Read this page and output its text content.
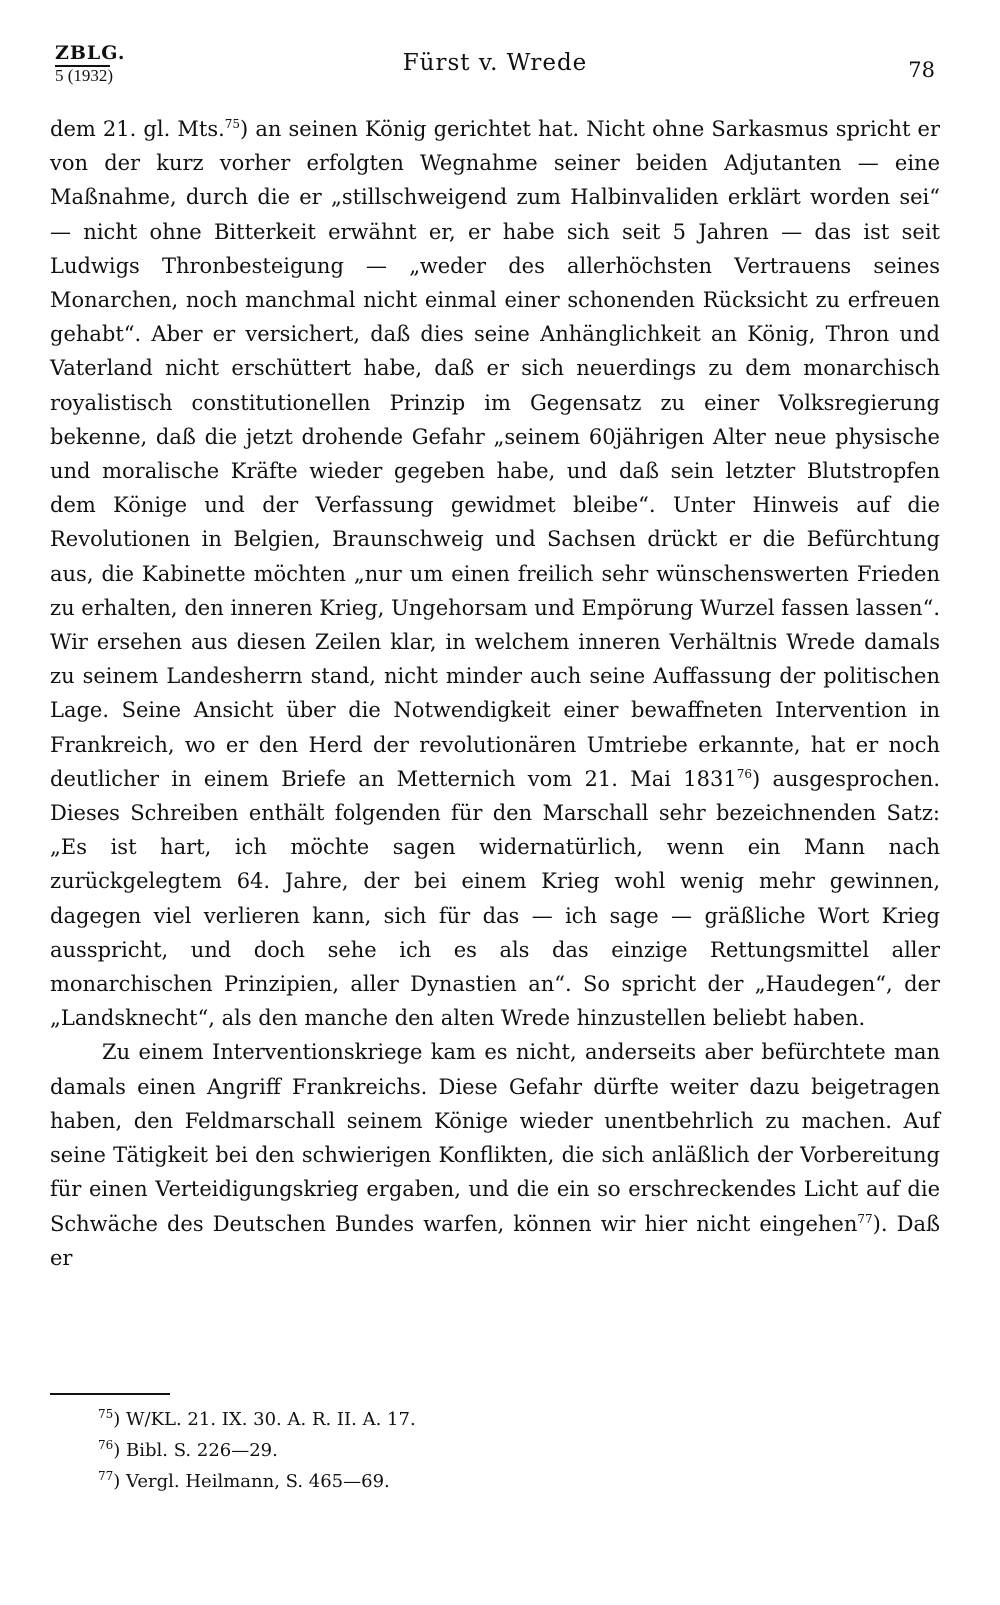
ZBLG.
5 (1932)	Fürst v. Wrede	78

dem 21. gl. Mts.$^{75}$) an seinen König gerichtet hat. Nicht ohne Sarkasmus spricht er von der kurz vorher erfolgten Wegnahme seiner beiden Adjutanten — eine Maßnahme, durch die er „stillschweigend zum Halbinvaliden erklärt worden sei“ — nicht ohne Bitterkeit erwähnt er, er habe sich seit 5 Jahren — das ist seit Ludwigs Thronbesteigung — „weder des allerhöchsten Vertrauens seines Monarchen, noch manchmal nicht einmal einer schonenden Rücksicht zu erfreuen gehabt“. Aber er versichert, daß dies seine Anhänglichkeit an König, Thron und Vaterland nicht erschüttert habe, daß er sich neuerdings zu dem monarchisch royalistisch constitutionellen Prinzip im Gegensatz zu einer Volksregierung bekenne, daß die jetzt drohende Gefahr „seinem 60jährigen Alter neue physische und moralische Kräfte wieder gegeben habe, und daß sein letzter Blutstropfen dem Könige und der Verfassung gewidmet bleibe“. Unter Hinweis auf die Revolutionen in Belgien, Braunschweig und Sachsen drückt er die Befürchtung aus, die Kabinette möchten „nur um einen freilich sehr wünschenswerten Frieden zu erhalten, den inneren Krieg, Ungehorsam und Empörung Wurzel fassen lassen“. Wir ersehen aus diesen Zeilen klar, in welchem inneren Verhältnis Wrede damals zu seinem Landesherrn stand, nicht minder auch seine Auffassung der politischen Lage. Seine Ansicht über die Notwendigkeit einer bewaffneten Intervention in Frankreich, wo er den Herd der revolutionären Umtriebe erkannte, hat er noch deutlicher in einem Briefe an Metternich vom 21. Mai 1831$^{76}$) ausgesprochen. Dieses Schreiben enthält folgenden für den Marschall sehr bezeichnenden Satz: „Es ist hart, ich möchte sagen widernatürlich, wenn ein Mann nach zurückgelegtem 64. Jahre, der bei einem Krieg wohl wenig mehr gewinnen, dagegen viel verlieren kann, sich für das — ich sage — gräßliche Wort Krieg ausspricht, und doch sehe ich es als das einzige Rettungsmittel aller monarchischen Prinzipien, aller Dynastien an“. So spricht der „Haudegen“, der „Landsknecht“, als den manche den alten Wrede hinzustellen beliebt haben.

Zu einem Interventionskriege kam es nicht, anderseits aber befürchtete man damals einen Angriff Frankreichs. Diese Gefahr dürfte weiter dazu beigetragen haben, den Feldmarschall seinem Könige wieder unentbehrlich zu machen. Auf seine Tätigkeit bei den schwierigen Konflikten, die sich anläßlich der Vorbereitung für einen Verteidigungskrieg ergaben, und die ein so erschreckendes Licht auf die Schwäche des Deutschen Bundes warfen, können wir hier nicht eingehen$^{77}$). Daß er

$^{75}$) W/KL. 21. IX. 30. A. R. II. A. 17.
$^{76}$) Bibl. S. 226—29.
$^{77}$) Vergl. Heilmann, S. 465—69.
